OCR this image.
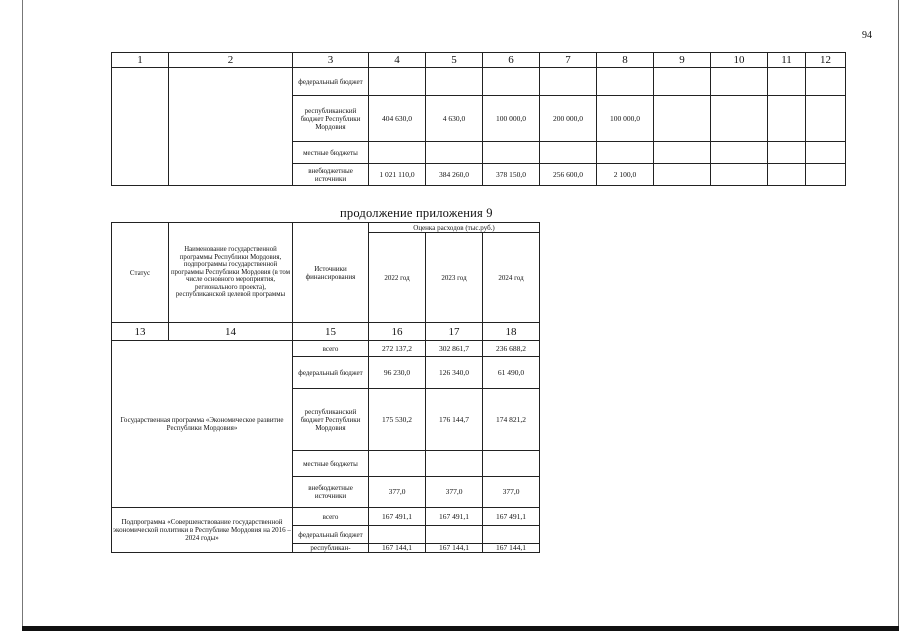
94
1	2	3	4	5	6	7	8	9	10	11	12
		федеральный бюджет									
		республиканский бюджет Республики Мордовия	404 630,0	4 630,0	100 000,0	200 000,0	100 000,0				
		местные бюджеты									
		внебюджетные источники	1 021 110,0	384 260,0	378 150,0	256 600,0	2 100,0				
продолжение приложения 9
Статус	Наименование государственной программы Республики Мордовия, подпрограммы государственной программы Республики Мордовия (в том числе основного мероприятия, регионального проекта), республиканской целевой программы	Источники финансирования	Оценка расходов (тыс.руб.)		
			2022 год	2023 год	2024 год
13	14	15	16	17	18
Государственная программа «Экономическое развитие Республики Мордовия»		всего	272 137,2	302 861,7	236 688,2
		федеральный бюджет	96 230,0	126 340,0	61 490,0
		республиканский бюджет Республики Мордовия	175 530,2	176 144,7	174 821,2
		местные бюджеты			
		внебюджетные источники	377,0	377,0	377,0
Подпрограмма «Совершенствование государственной экономической политики в Республике Мордовия на 2016 – 2024 годы»		всего	167 491,1	167 491,1	167 491,1
		федеральный бюджет			
		республикан-	167 144,1	167 144,1	167 144,1
